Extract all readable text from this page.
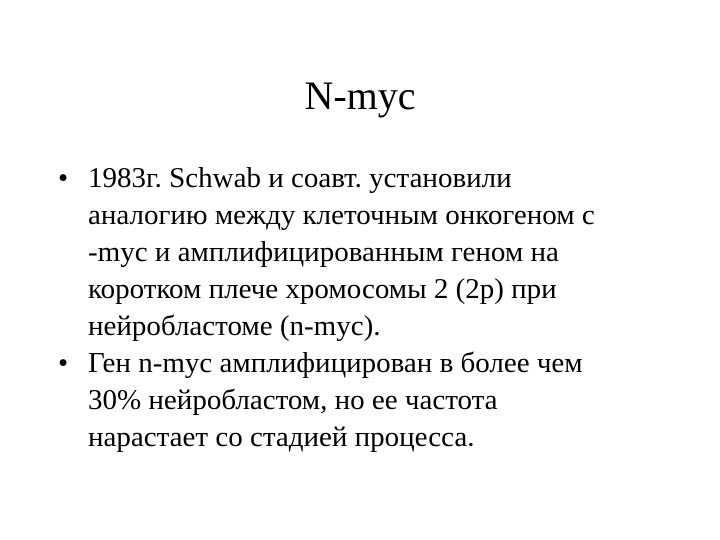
N-myc
• 1983г. Schwab и соавт. установили
аналогию между клеточным онкогеном с
-myc и амплифицированным геном на
коротком плече хромосомы 2 (2p) при
нейробластоме (n-myc).
• Ген n-myc амплифицирован в более чем
30% нейробластом, но ее частота
нарастает со стадией процесса.
